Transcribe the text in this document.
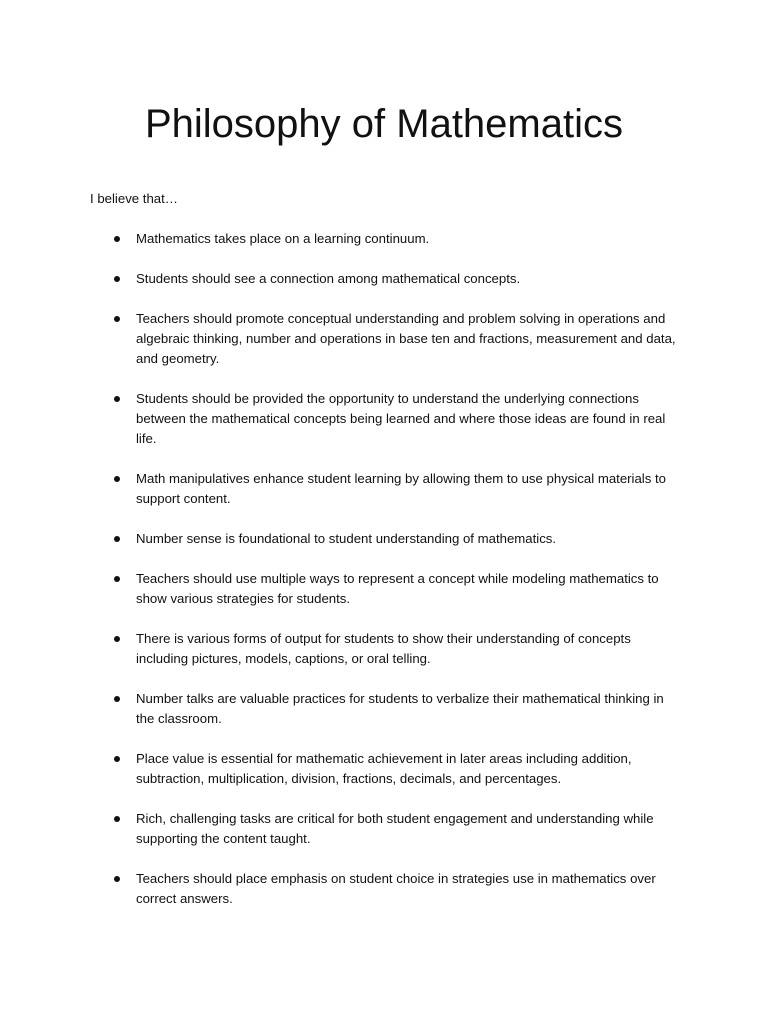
Philosophy of Mathematics

I believe that…

Mathematics takes place on a learning continuum.
Students should see a connection among mathematical concepts.
Teachers should promote conceptual understanding and problem solving in operations and algebraic thinking, number and operations in base ten and fractions, measurement and data, and geometry.
Students should be provided the opportunity to understand the underlying connections between the mathematical concepts being learned and where those ideas are found in real life.
Math manipulatives enhance student learning by allowing them to use physical materials to support content.
Number sense is foundational to student understanding of mathematics.
Teachers should use multiple ways to represent a concept while modeling mathematics to show various strategies for students.
There is various forms of output for students to show their understanding of concepts including pictures, models, captions, or oral telling.
Number talks are valuable practices for students to verbalize their mathematical thinking in the classroom.
Place value is essential for mathematic achievement in later areas including addition, subtraction, multiplication, division, fractions, decimals, and percentages.
Rich, challenging tasks are critical for both student engagement and understanding while supporting the content taught.
Teachers should place emphasis on student choice in strategies use in mathematics over correct answers.
